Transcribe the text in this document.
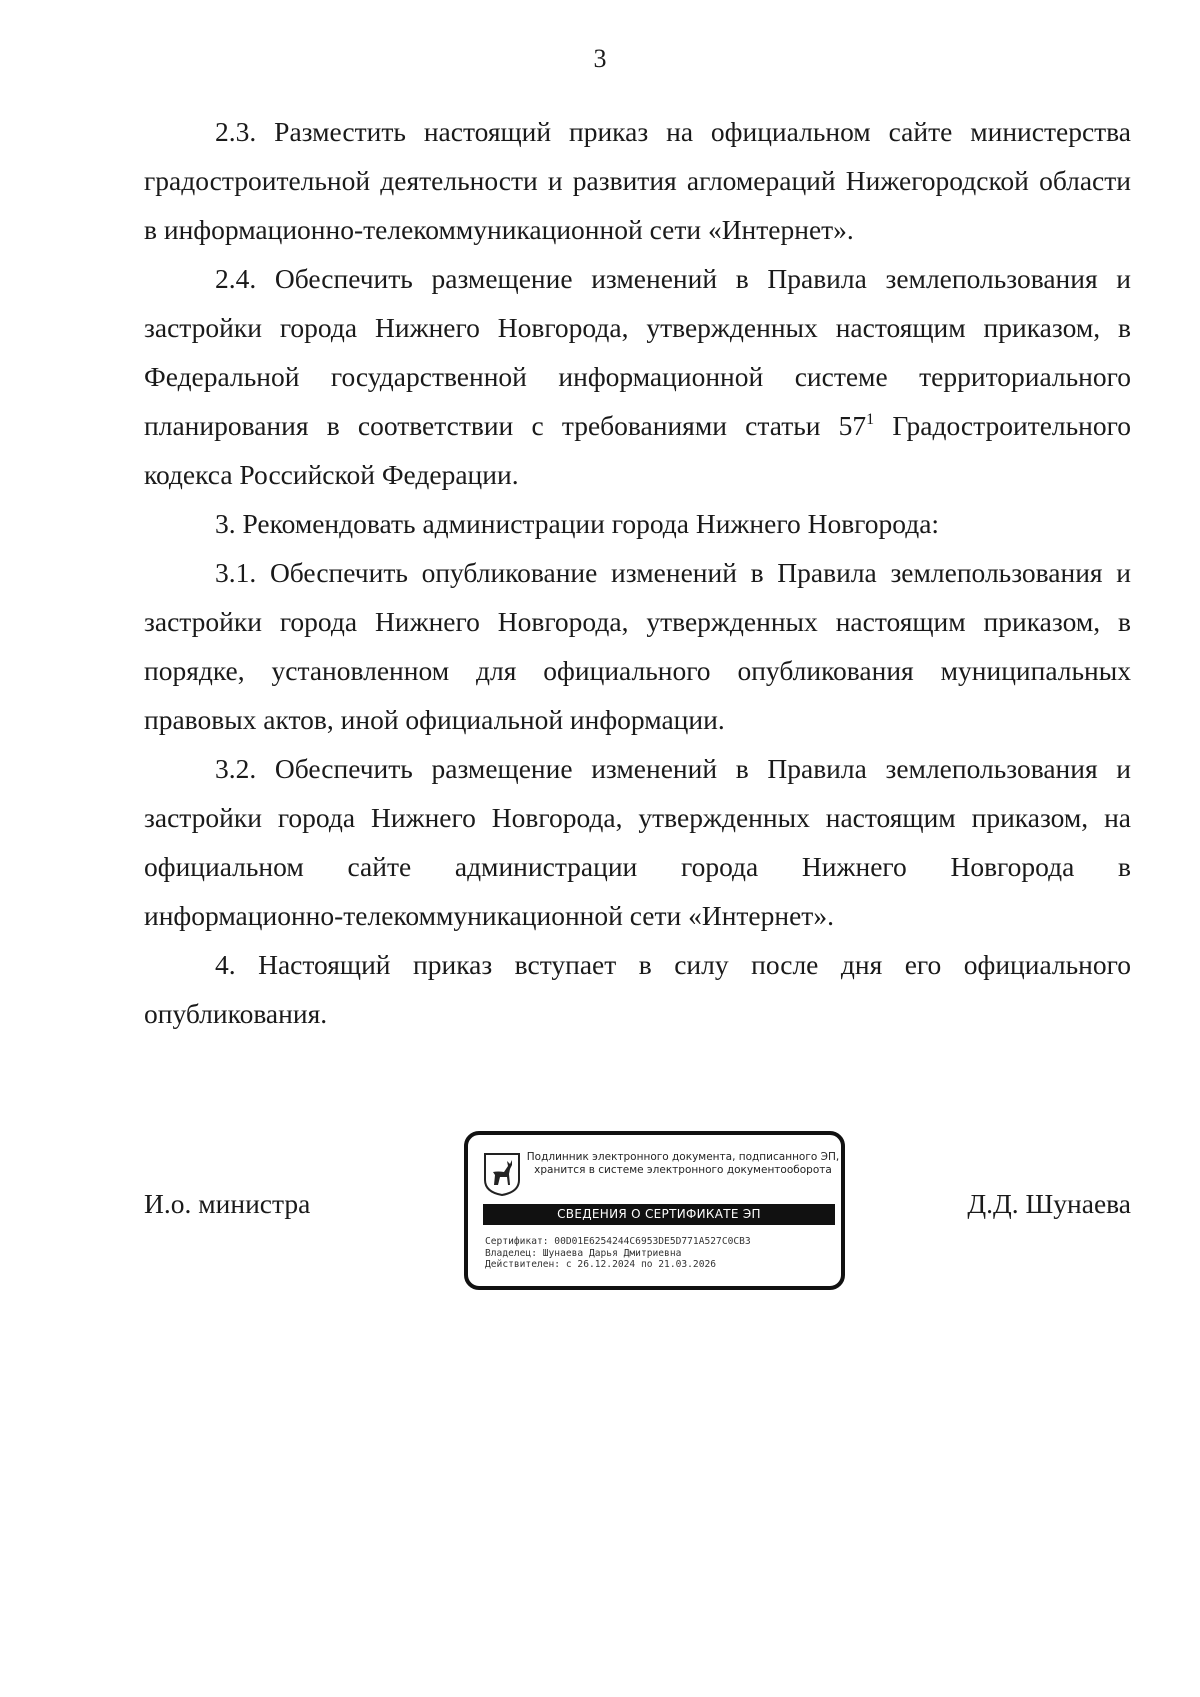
3

2.3. Разместить настоящий приказ на официальном сайте министерства градостроительной деятельности и развития агломераций Нижегородской области в информационно-телекоммуникационной сети «Интернет».

2.4. Обеспечить размещение изменений в Правила землепользования и застройки города Нижнего Новгорода, утвержденных настоящим приказом, в Федеральной государственной информационной системе территориального планирования в соответствии с требованиями статьи $57^1$ Градостроительного кодекса Российской Федерации.

3. Рекомендовать администрации города Нижнего Новгорода:

3.1. Обеспечить опубликование изменений в Правила землепользования и застройки города Нижнего Новгорода, утвержденных настоящим приказом, в порядке, установленном для официального опубликования муниципальных правовых актов, иной официальной информации.

3.2. Обеспечить размещение изменений в Правила землепользования и застройки города Нижнего Новгорода, утвержденных настоящим приказом, на официальном сайте администрации города Нижнего Новгорода в

информационно-телекоммуникационной сети «Интернет».

4. Настоящий приказ вступает в силу после дня его официального опубликования.

И.о. министра
Подлинник электронного документа, подписанного ЭП,
хранится в системе электронного документооборота
СВЕДЕНИЯ О СЕРТИФИКАТЕ ЭП
Сертификат: 00D01E6254244C6953DE5D771A527C0CB3
Владелец: Шунаева Дарья Дмитриевна
Действителен: с 26.12.2024 по 21.03.2026
Д.Д. Шунаева
